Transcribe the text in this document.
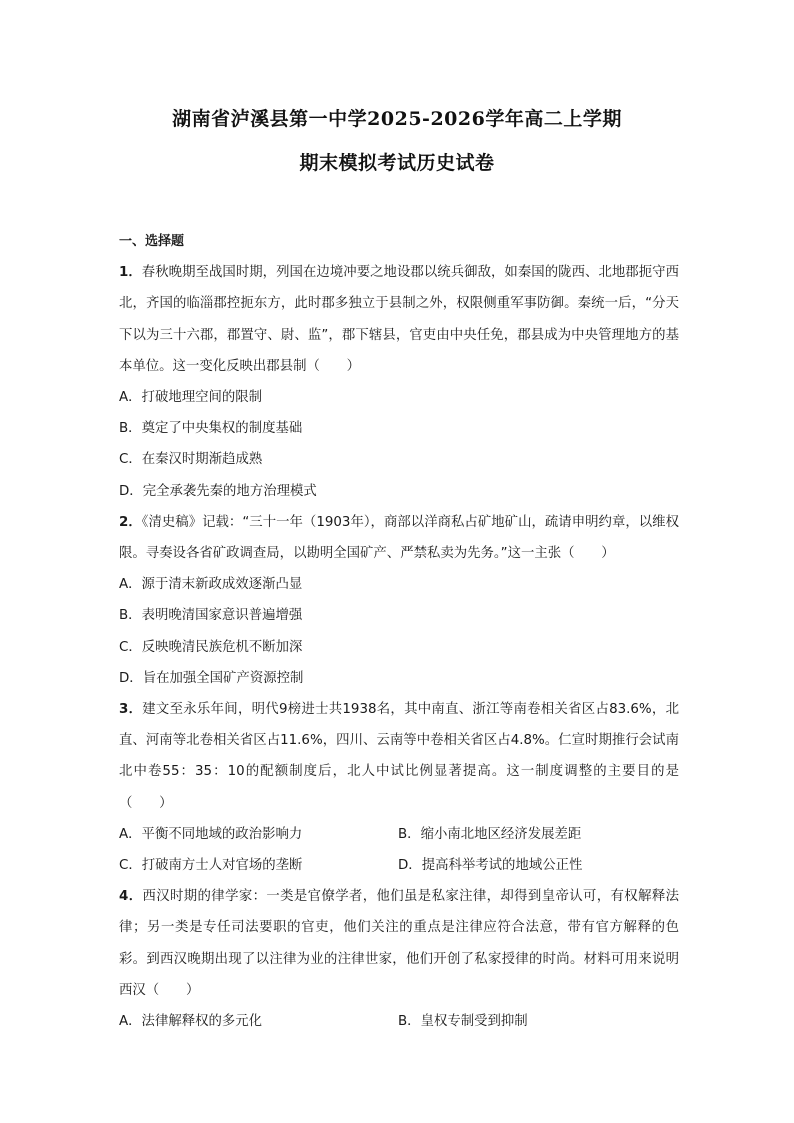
湖南省泸溪县第一中学2025-2026学年高二上学期
期末模拟考试历史试卷
一、选择题

1．春秋晚期至战国时期，列国在边境冲要之地设郡以统兵御敌，如秦国的陇西、北地郡扼守西北，齐国的临淄郡控扼东方，此时郡多独立于县制之外，权限侧重军事防御。秦统一后，“分天下以为三十六郡，郡置守、尉、监”，郡下辖县，官吏由中央任免，郡县成为中央管理地方的基本单位。这一变化反映出郡县制（　　）

A．打破地理空间的限制
B．奠定了中央集权的制度基础
C．在秦汉时期渐趋成熟
D．完全承袭先秦的地方治理模式

2．《清史稿》记载：“三十一年（1903年），商部以洋商私占矿地矿山，疏请申明约章，以维权限。寻奏设各省矿政调查局，以勘明全国矿产、严禁私卖为先务。”这一主张（　　）

A．源于清末新政成效逐渐凸显
B．表明晚清国家意识普遍增强
C．反映晚清民族危机不断加深
D．旨在加强全国矿产资源控制

3．建文至永乐年间，明代9榜进士共1938名，其中南直、浙江等南卷相关省区占83.6%，北直、河南等北卷相关省区占11.6%，四川、云南等中卷相关省区占4.8%。仁宣时期推行会试南北中卷55：35：10的配额制度后，北人中试比例显著提高。这一制度调整的主要目的是（　　）

A．平衡不同地域的政治影响力	B．缩小南北地区经济发展差距
C．打破南方士人对官场的垄断	D．提高科举考试的地域公正性

4．西汉时期的律学家：一类是官僚学者，他们虽是私家注律，却得到皇帝认可，有权解释法律；另一类是专任司法要职的官吏，他们关注的重点是注律应符合法意，带有官方解释的色彩。到西汉晚期出现了以注律为业的注律世家，他们开创了私家授律的时尚。材料可用来说明西汉（　　）

A．法律解释权的多元化	B．皇权专制受到抑制
